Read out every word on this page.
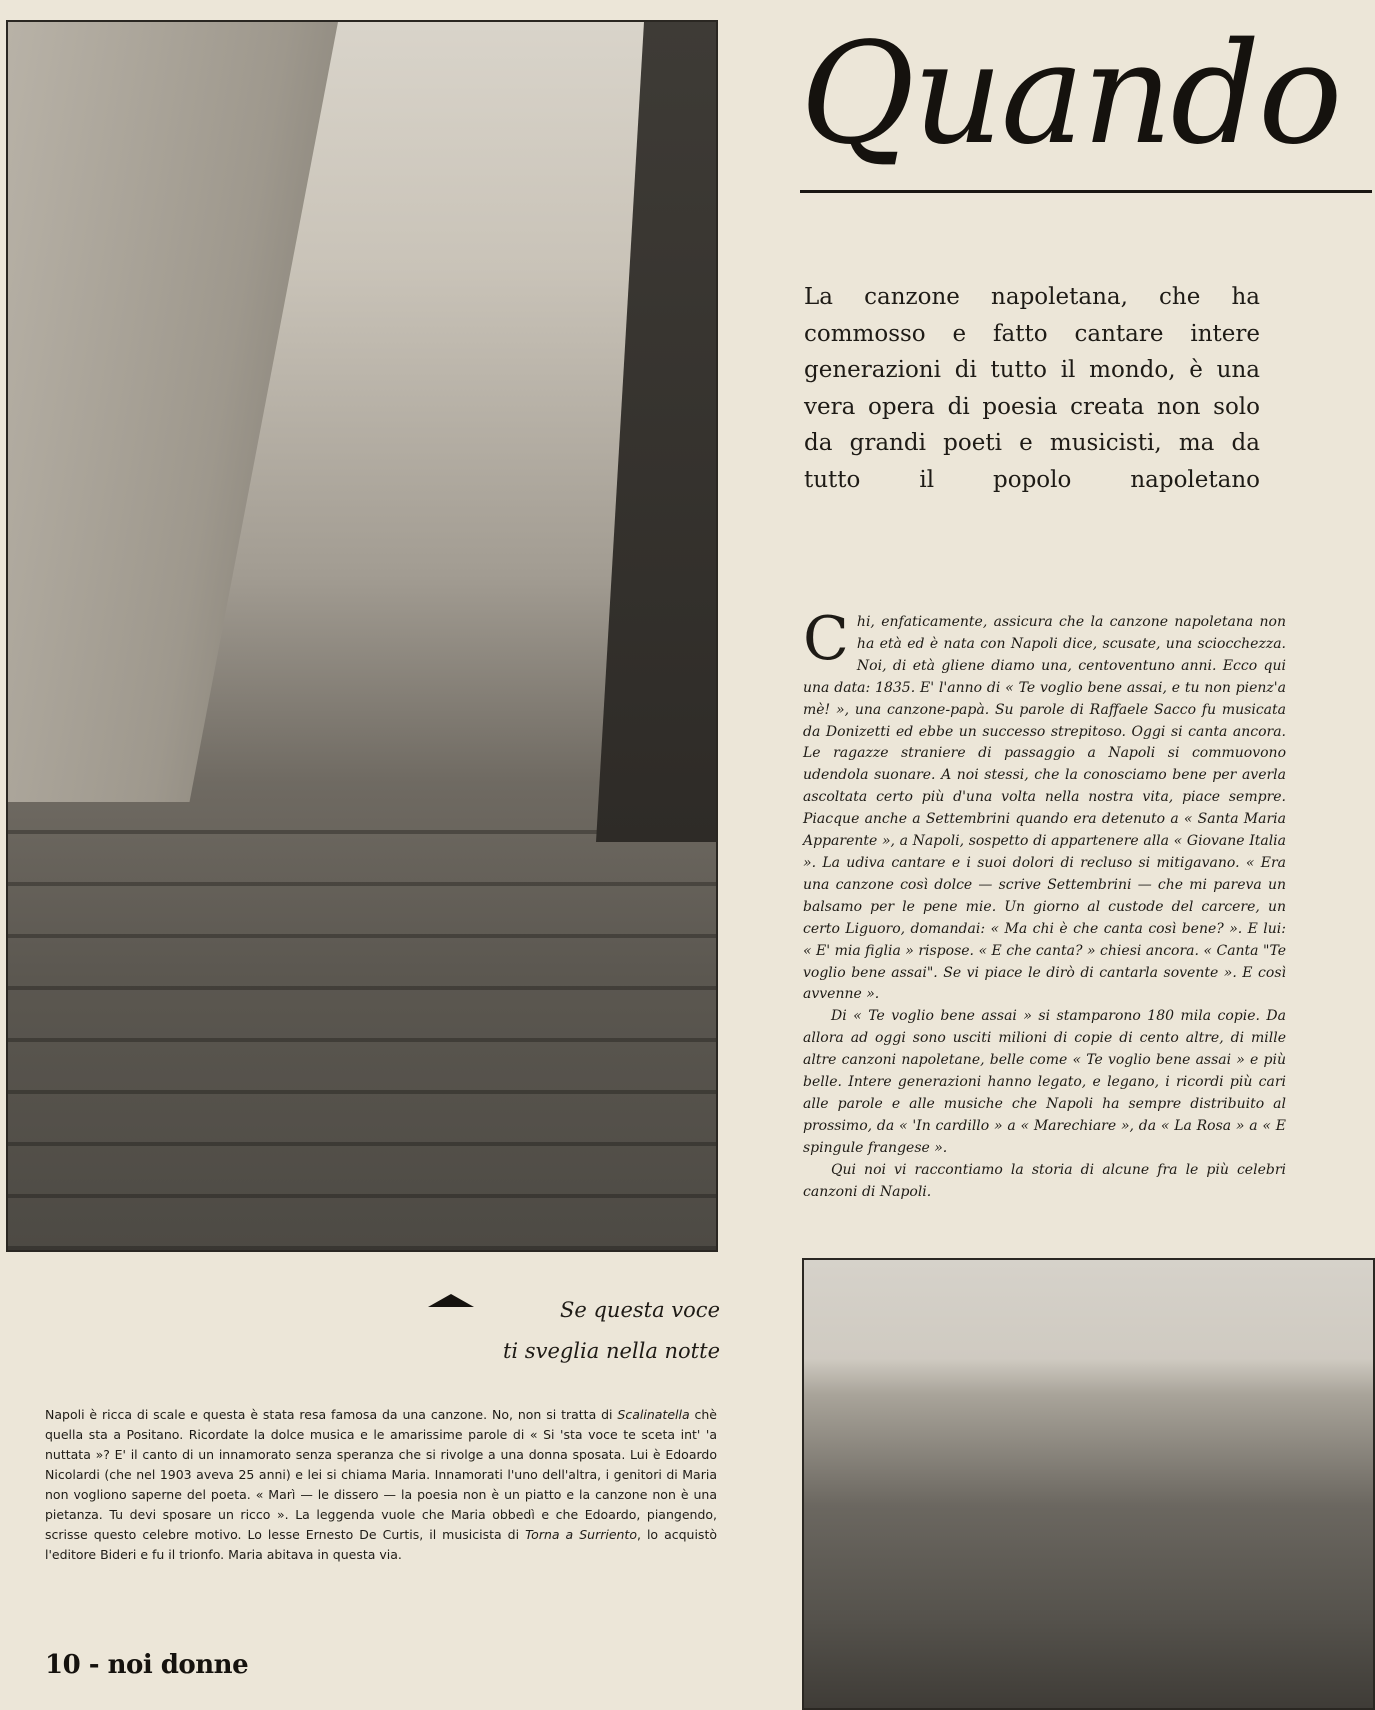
Quando
La canzone napoletana, che ha commosso e fatto cantare intere generazioni di tutto il mondo, è una vera opera di poesia creata non solo da grandi poeti e musicisti, ma da tutto il popolo napoletano

Chi, enfaticamente, assicura che la canzone napoletana non ha età ed è nata con Napoli dice, scusate, una sciocchezza. Noi, di età gliene diamo una, centoventuno anni. Ecco qui una data: 1835. E' l'anno di « Te voglio bene assai, e tu non pienz'a mè! », una canzone-papà. Su parole di Raffaele Sacco fu musicata da Donizetti ed ebbe un successo strepitoso. Oggi si canta ancora. Le ragazze straniere di passaggio a Napoli si commuovono udendola suonare. A noi stessi, che la conosciamo bene per averla ascoltata certo più d'una volta nella nostra vita, piace sempre. Piacque anche a Settembrini quando era detenuto a « Santa Maria Apparente », a Napoli, sospetto di appartenere alla « Giovane Italia ». La udiva cantare e i suoi dolori di recluso si mitigavano. « Era una canzone così dolce — scrive Settembrini — che mi pareva un balsamo per le pene mie. Un giorno al custode del carcere, un certo Liguoro, domandai: « Ma chi è che canta così bene? ». E lui: « E' mia figlia » rispose. « E che canta? » chiesi ancora. « Canta "Te voglio bene assai". Se vi piace le dirò di cantarla sovente ». E così avvenne ».

Di « Te voglio bene assai » si stamparono 180 mila copie. Da allora ad oggi sono usciti milioni di copie di cento altre, di mille altre canzoni napoletane, belle come « Te voglio bene assai » e più belle. Intere generazioni hanno legato, e legano, i ricordi più cari alle parole e alle musiche che Napoli ha sempre distribuito al prossimo, da « 'In cardillo » a « Marechiare », da « La Rosa » a « E spingule frangese ».

Qui noi vi raccontiamo la storia di alcune fra le più celebri canzoni di Napoli.

Se questa voce
ti sveglia nella notte
Napoli è ricca di scale e questa è stata resa famosa da una canzone. No, non si tratta di Scalinatella chè quella sta a Positano. Ricordate la dolce musica e le amarissime parole di « Si 'sta voce te sceta int' 'a nuttata »? E' il canto di un innamorato senza speranza che si rivolge a una donna sposata. Lui è Edoardo Nicolardi (che nel 1903 aveva 25 anni) e lei si chiama Maria. Innamorati l'uno dell'altra, i genitori di Maria non vogliono saperne del poeta. « Marì — le dissero — la poesia non è un piatto e la canzone non è una pietanza. Tu devi sposare un ricco ». La leggenda vuole che Maria obbedì e che Edoardo, piangendo, scrisse questo celebre motivo. Lo lesse Ernesto De Curtis, il musicista di Torna a Surriento, lo acquistò l'editore Bideri e fu il trionfo. Maria abitava in questa via.
10 - noi donne
